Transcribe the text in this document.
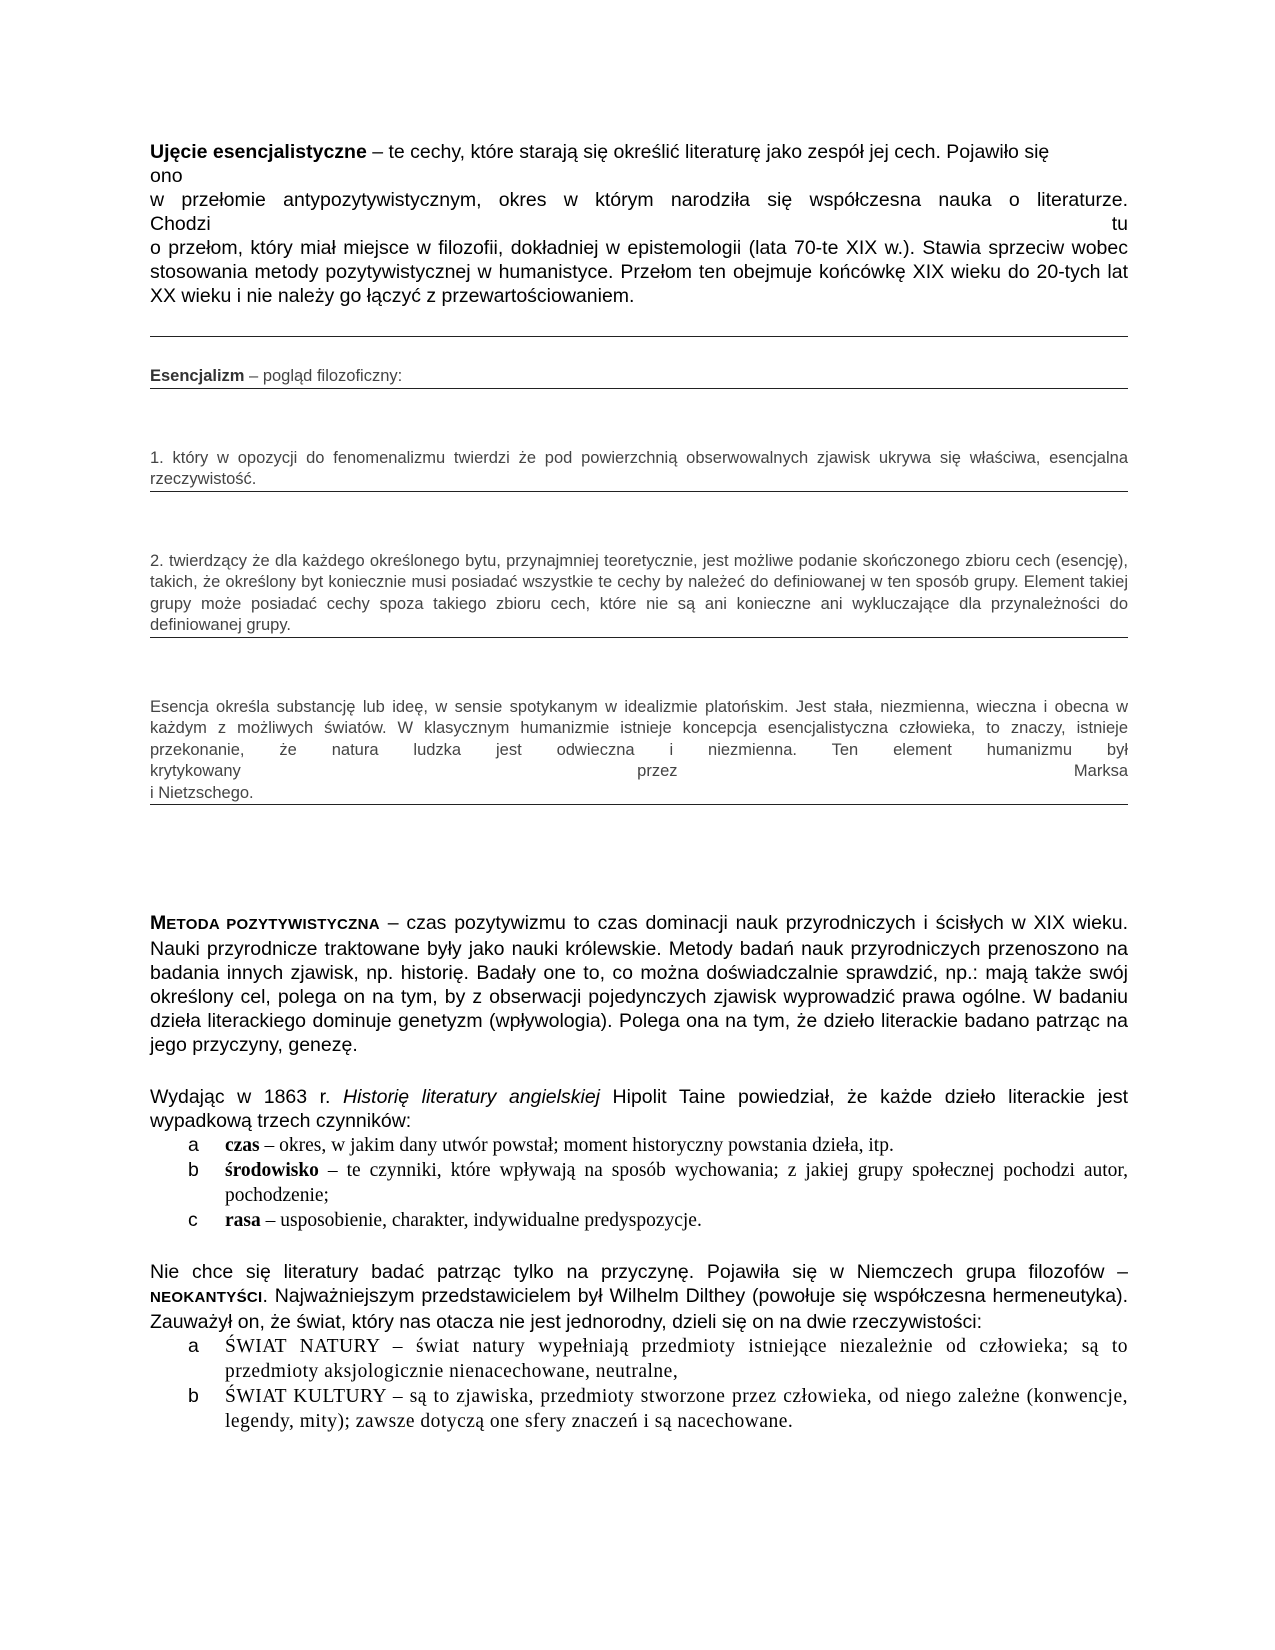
Ujęcie esencjalistyczne – te cechy, które starają się określić literaturę jako zespół jej cech. Pojawiło się

ono

w przełomie antypozytywistycznym, okres w którym narodziła się współczesna nauka o literaturze.

Chodzi	tu

o przełom, który miał miejsce w filozofii, dokładniej w epistemologii (lata 70-te XIX w.). Stawia sprzeciw wobec stosowania metody pozytywistycznej w humanistyce. Przełom ten obejmuje końcówkę XIX wieku do 20-tych lat XX wieku i nie należy go łączyć z przewartościowaniem.

Esencjalizm – pogląd filozoficzny:

1. który w opozycji do fenomenalizmu twierdzi że pod powierzchnią obserwowalnych zjawisk ukrywa się właściwa, esencjalna rzeczywistość.

2. twierdzący że dla każdego określonego bytu, przynajmniej teoretycznie, jest możliwe podanie skończonego zbioru cech (esencję), takich, że określony byt koniecznie musi posiadać wszystkie te cechy by należeć do definiowanej w ten sposób grupy. Element takiej grupy może posiadać cechy spoza takiego zbioru cech, które nie są ani konieczne ani wykluczające dla przynależności do definiowanej grupy.

Esencja określa substancję lub ideę, w sensie spotykanym w idealizmie platońskim. Jest stała, niezmienna, wieczna i obecna w każdym z możliwych światów. W klasycznym humanizmie istnieje koncepcja esencjalistyczna człowieka, to znaczy, istnieje przekonanie, że natura ludzka jest odwieczna i niezmienna. Ten element humanizmu był

krytykowany przez Marksa

i Nietzschego.

METODA POZYTYWISTYCZNA – czas pozytywizmu to czas dominacji nauk przyrodniczych i ścisłych w XIX wieku. Nauki przyrodnicze traktowane były jako nauki królewskie. Metody badań nauk przyrodniczych przenoszono na badania innych zjawisk, np. historię. Badały one to, co można doświadczalnie sprawdzić, np.: mają także swój określony cel, polega on na tym, by z obserwacji pojedynczych zjawisk wyprowadzić prawa ogólne. W badaniu dzieła literackiego dominuje genetyzm (wpływologia). Polega ona na tym, że dzieło literackie badano patrząc na jego przyczyny, genezę.

Wydając w 1863 r. Historię literatury angielskiej Hipolit Taine powiedział, że każde dzieło literackie jest wypadkową trzech czynników:

a	czas – okres, w jakim dany utwór powstał; moment historyczny powstania dzieła, itp.
b	środowisko – te czynniki, które wpływają na sposób wychowania; z jakiej grupy społecznej pochodzi autor, pochodzenie;
c	rasa – usposobienie, charakter, indywidualne predyspozycje.

Nie chce się literatury badać patrząc tylko na przyczynę. Pojawiła się w Niemczech grupa filozofów – NEOKANTYŚCI. Najważniejszym przedstawicielem był Wilhelm Dilthey (powołuje się współczesna hermeneutyka). Zauważył on, że świat, który nas otacza nie jest jednorodny, dzieli się on na dwie rzeczywistości:

a	ŚWIAT NATURY – świat natury wypełniają przedmioty istniejące niezależnie od człowieka; są to przedmioty aksjologicznie nienacechowane, neutralne,
b	ŚWIAT KULTURY – są to zjawiska, przedmioty stworzone przez człowieka, od niego zależne (konwencje, legendy, mity); zawsze dotyczą one sfery znaczeń i są nacechowane.
